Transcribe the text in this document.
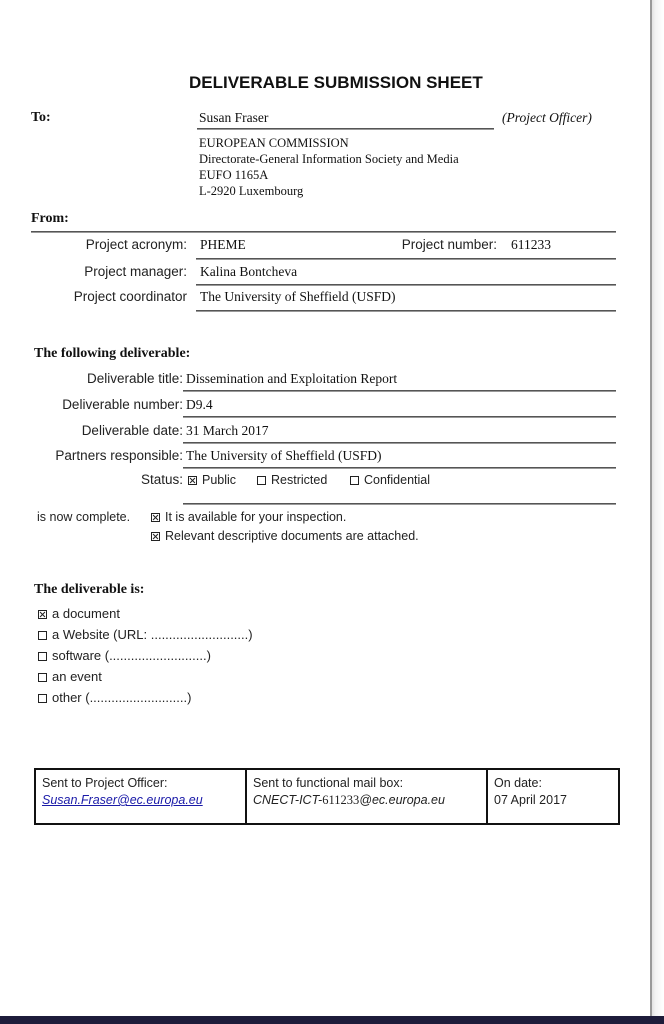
DELIVERABLE SUBMISSION SHEET
To:	Susan Fraser	(Project Officer)
EUROPEAN COMMISSION
Directorate-General Information Society and Media
EUFO 1165A
L-2920 Luxembourg
From:
Project acronym: PHEME	Project number: 611233
Project manager: Kalina Bontcheva
Project coordinator The University of Sheffield (USFD)
The following deliverable:
Deliverable title: Dissemination and Exploitation Report
Deliverable number: D9.4
Deliverable date: 31 March 2017
Partners responsible: The University of Sheffield (USFD)
Status:	Public	Restricted	Confidential
is now complete.	It is available for your inspection.
Relevant descriptive documents are attached.
The deliverable is:
a document
a Website (URL: ...........................)
software (...........................)
an event
other (...........................)
Sent to Project Officer:
Susan.Fraser@ec.europa.eu
Sent to functional mail box:
CNECT-ICT-611233@ec.europa.eu
On date:
07 April 2017
